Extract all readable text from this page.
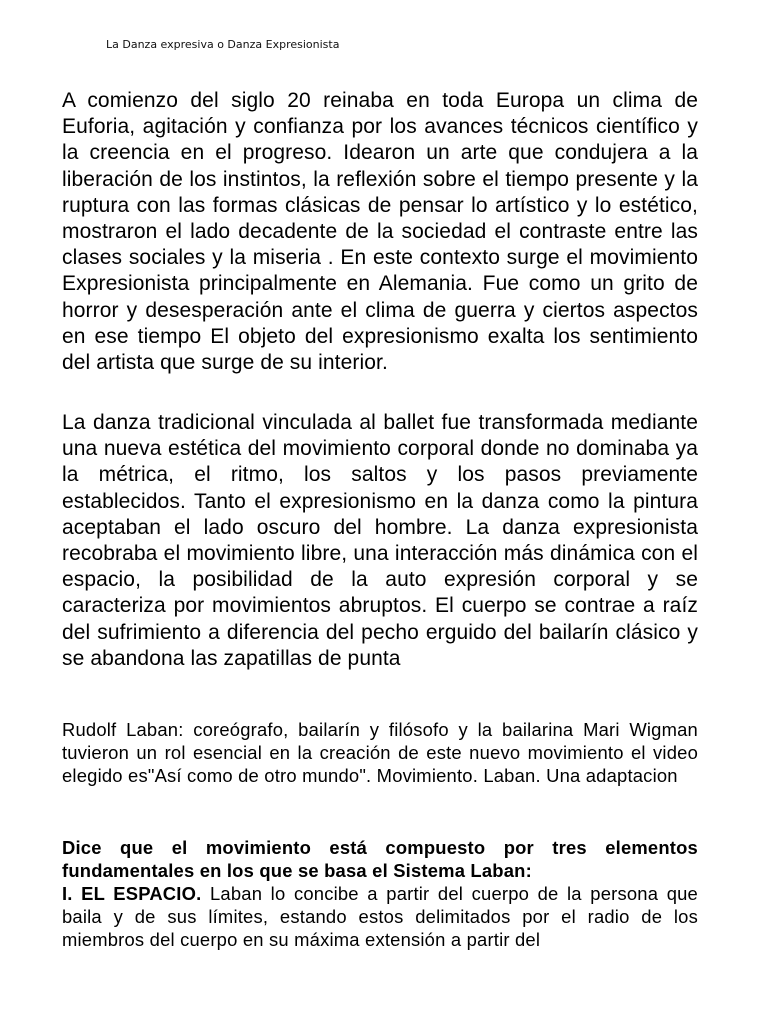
La Danza expresiva o Danza Expresionista

A comienzo del siglo 20 reinaba en toda Europa un clima de Euforia, agitación y confianza por los avances técnicos científico y la creencia en el progreso. Idearon un arte que condujera a la liberación de los instintos, la reflexión sobre el tiempo presente y la ruptura con las formas clásicas de pensar lo artístico y lo estético, mostraron el lado decadente de la sociedad el contraste entre las clases sociales y la miseria . En este contexto surge el movimiento Expresionista principalmente en Alemania. Fue como un grito de horror y desesperación ante el clima de guerra y ciertos aspectos en ese tiempo El objeto del expresionismo exalta los sentimiento del artista que surge de su interior.

La danza tradicional vinculada al ballet fue transformada mediante una nueva estética del movimiento corporal donde no dominaba ya la métrica, el ritmo, los saltos y los pasos previamente establecidos. Tanto el expresionismo en la danza como la pintura aceptaban el lado oscuro del hombre. La danza expresionista recobraba el movimiento libre, una interacción más dinámica con el espacio, la posibilidad de la auto expresión corporal y se caracteriza por movimientos abruptos. El cuerpo se contrae a raíz del sufrimiento a diferencia del pecho erguido del bailarín clásico y se abandona las zapatillas de punta

Rudolf Laban: coreógrafo, bailarín y filósofo y la bailarina Mari Wigman tuvieron un rol esencial en la creación de este nuevo movimiento el video elegido es"Así como de otro mundo". Movimiento. Laban. Una adaptacion

Dice que el movimiento está compuesto por tres elementos fundamentales en los que se basa el Sistema Laban:
I. EL ESPACIO. Laban lo concibe a partir del cuerpo de la persona que baila y de sus límites, estando estos delimitados por el radio de los miembros del cuerpo en su máxima extensión a partir del
